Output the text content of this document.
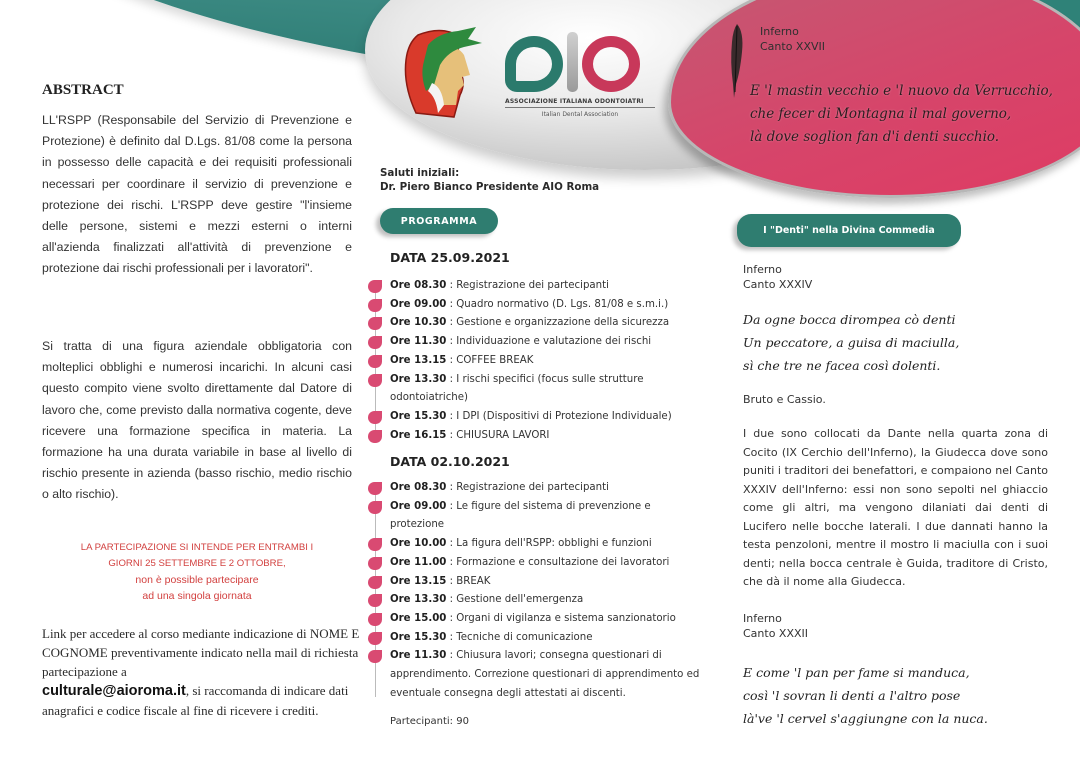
ASSOCIAZIONE ITALIANA ODONTOIATRI
Italian Dental Association
Inferno
Canto XXVII
E 'l mastin vecchio e 'l nuovo da Verrucchio,
che fecer di Montagna il mal governo,
là dove soglion fan d'i denti succhio.
ABSTRACT
LL'RSPP (Responsabile del Servizio di Prevenzione e Protezione) è definito dal D.Lgs. 81/08 come la persona in possesso delle capacità e dei requisiti professionali necessari per coordinare il servizio di prevenzione e protezione dei rischi. L'RSPP deve gestire "l'insieme delle persone, sistemi e mezzi esterni o interni all'azienda finalizzati all'attività di prevenzione e protezione dai rischi professionali per i lavoratori".
Si tratta di una figura aziendale obbligatoria con molteplici obblighi e numerosi incarichi. In alcuni casi questo compito viene svolto direttamente dal Datore di lavoro che, come previsto dalla normativa cogente, deve ricevere una formazione specifica in materia. La formazione ha una durata variabile in base al livello di rischio presente in azienda (basso rischio, medio rischio o alto rischio).
LA PARTECIPAZIONE SI INTENDE PER ENTRAMBI I
GIORNI 25 SETTEMBRE E 2 OTTOBRE,
non è possible partecipare
ad una singola giornata
Link per accedere al corso mediante indicazione di NOME E COGNOME preventivamente indicato nella mail di richiesta partecipazione a
culturale@aioroma.it, si raccomanda di indicare dati anagrafici e codice fiscale al fine di ricevere i crediti.
Saluti iniziali:
Dr. Piero Bianco Presidente AIO Roma
PROGRAMMA
DATA 25.09.2021
Ore 08.30 : Registrazione dei partecipanti
Ore 09.00 : Quadro normativo (D. Lgs. 81/08 e s.m.i.)
Ore 10.30 : Gestione e organizzazione della sicurezza
Ore 11.30 : Individuazione e valutazione dei rischi
Ore 13.15 : COFFEE BREAK
Ore 13.30 : I rischi specifici (focus sulle strutture odontoiatriche)
Ore 15.30 : I DPI (Dispositivi di Protezione Individuale)
Ore 16.15 : CHIUSURA LAVORI
DATA 02.10.2021
Ore 08.30 : Registrazione dei partecipanti
Ore 09.00 : Le figure del sistema di prevenzione e protezione
Ore 10.00 : La figura dell'RSPP: obblighi e funzioni
Ore 11.00 : Formazione e consultazione dei lavoratori
Ore 13.15 : BREAK
Ore 13.30 : Gestione dell'emergenza
Ore 15.00 : Organi di vigilanza e sistema sanzionatorio
Ore 15.30 : Tecniche di comunicazione
Ore 11.30 : Chiusura lavori; consegna questionari di apprendimento. Correzione questionari di apprendimento ed eventuale consegna degli attestati ai discenti.
Partecipanti: 90
I "Denti" nella Divina Commedia
Inferno
Canto XXXIV
Da ogne bocca dirompea cò denti
Un peccatore, a guisa di maciulla,
sì che tre ne facea così dolenti.
Bruto e Cassio.
I due sono collocati da Dante nella quarta zona di Cocito (IX Cerchio dell'Inferno), la Giudecca dove sono puniti i traditori dei benefattori, e compaiono nel Canto XXXIV dell'Inferno: essi non sono sepolti nel ghiaccio come gli altri, ma vengono dilaniati dai denti di Lucifero nelle bocche laterali. I due dannati hanno la testa penzoloni, mentre il mostro li maciulla con i suoi denti; nella bocca centrale è Guida, traditore di Cristo, che dà il nome alla Giudecca.
Inferno
Canto XXXII
E come 'l pan per fame si manduca,
così 'l sovran li denti a l'altro pose
là've 'l cervel s'aggiungne con la nuca.
